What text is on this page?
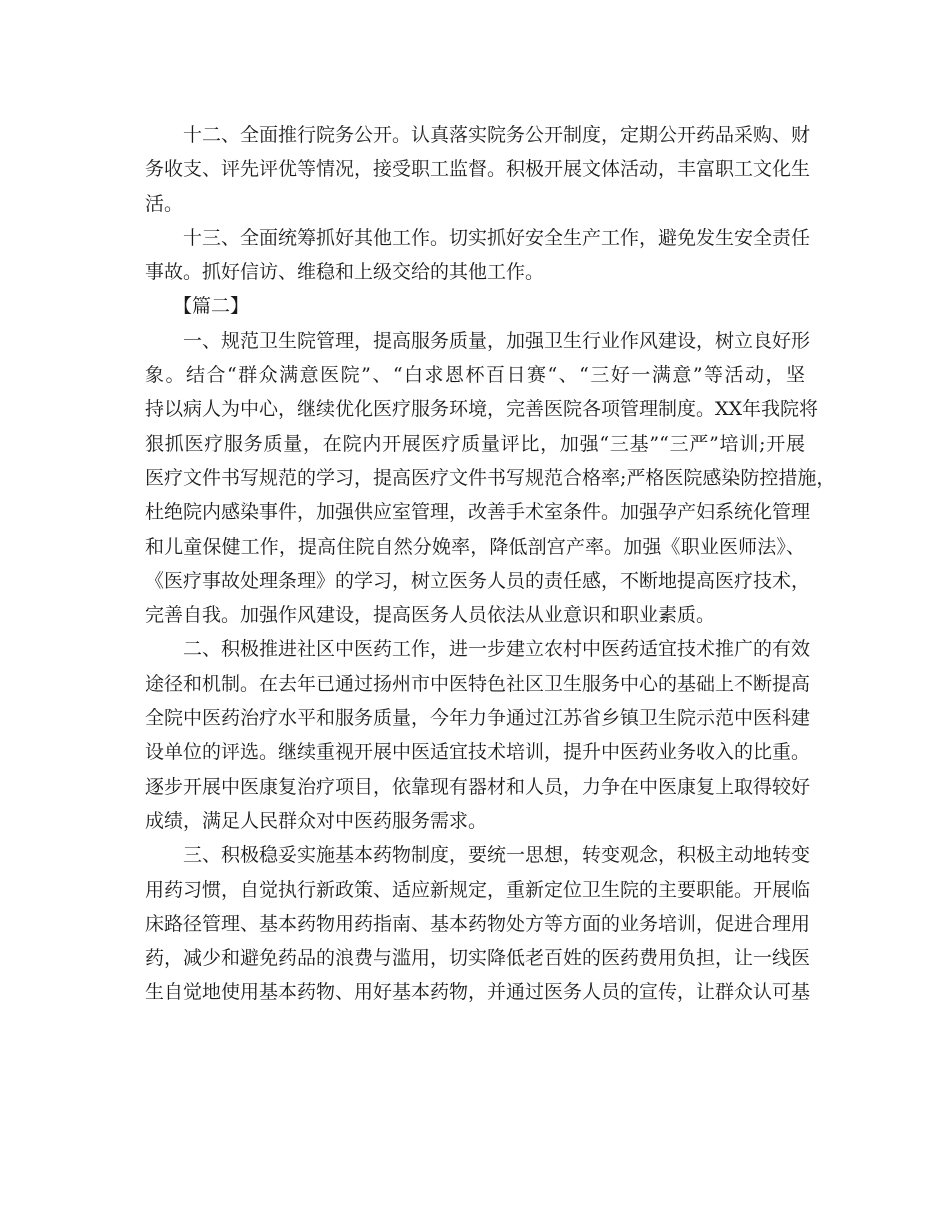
十二、全面推行院务公开。认真落实院务公开制度，定期公开药品采购、财
务收支、评先评优等情况，接受职工监督。积极开展文体活动，丰富职工文化生
活。
十三、全面统筹抓好其他工作。切实抓好安全生产工作，避免发生安全责任
事故。抓好信访、维稳和上级交给的其他工作。
【篇二】
一、规范卫生院管理，提高服务质量，加强卫生行业作风建设，树立良好形
象。结合“群众满意医院”、“白求恩杯百日赛“、“三好一满意”等活动，坚
持以病人为中心，继续优化医疗服务环境，完善医院各项管理制度。XX年我院将
狠抓医疗服务质量，在院内开展医疗质量评比，加强“三基”“三严”培训;开展
医疗文件书写规范的学习，提高医疗文件书写规范合格率;严格医院感染防控措施，
杜绝院内感染事件，加强供应室管理，改善手术室条件。加强孕产妇系统化管理
和儿童保健工作，提高住院自然分娩率，降低剖宫产率。加强《职业医师法》、
《医疗事故处理条理》的学习，树立医务人员的责任感，不断地提高医疗技术，
完善自我。加强作风建设，提高医务人员依法从业意识和职业素质。
二、积极推进社区中医药工作，进一步建立农村中医药适宜技术推广的有效
途径和机制。在去年已通过扬州市中医特色社区卫生服务中心的基础上不断提高
全院中医药治疗水平和服务质量，今年力争通过江苏省乡镇卫生院示范中医科建
设单位的评选。继续重视开展中医适宜技术培训，提升中医药业务收入的比重。
逐步开展中医康复治疗项目，依靠现有器材和人员，力争在中医康复上取得较好
成绩，满足人民群众对中医药服务需求。
三、积极稳妥实施基本药物制度，要统一思想，转变观念，积极主动地转变
用药习惯，自觉执行新政策、适应新规定，重新定位卫生院的主要职能。开展临
床路径管理、基本药物用药指南、基本药物处方等方面的业务培训，促进合理用
药，减少和避免药品的浪费与滥用，切实降低老百姓的医药费用负担，让一线医
生自觉地使用基本药物、用好基本药物，并通过医务人员的宣传，让群众认可基
